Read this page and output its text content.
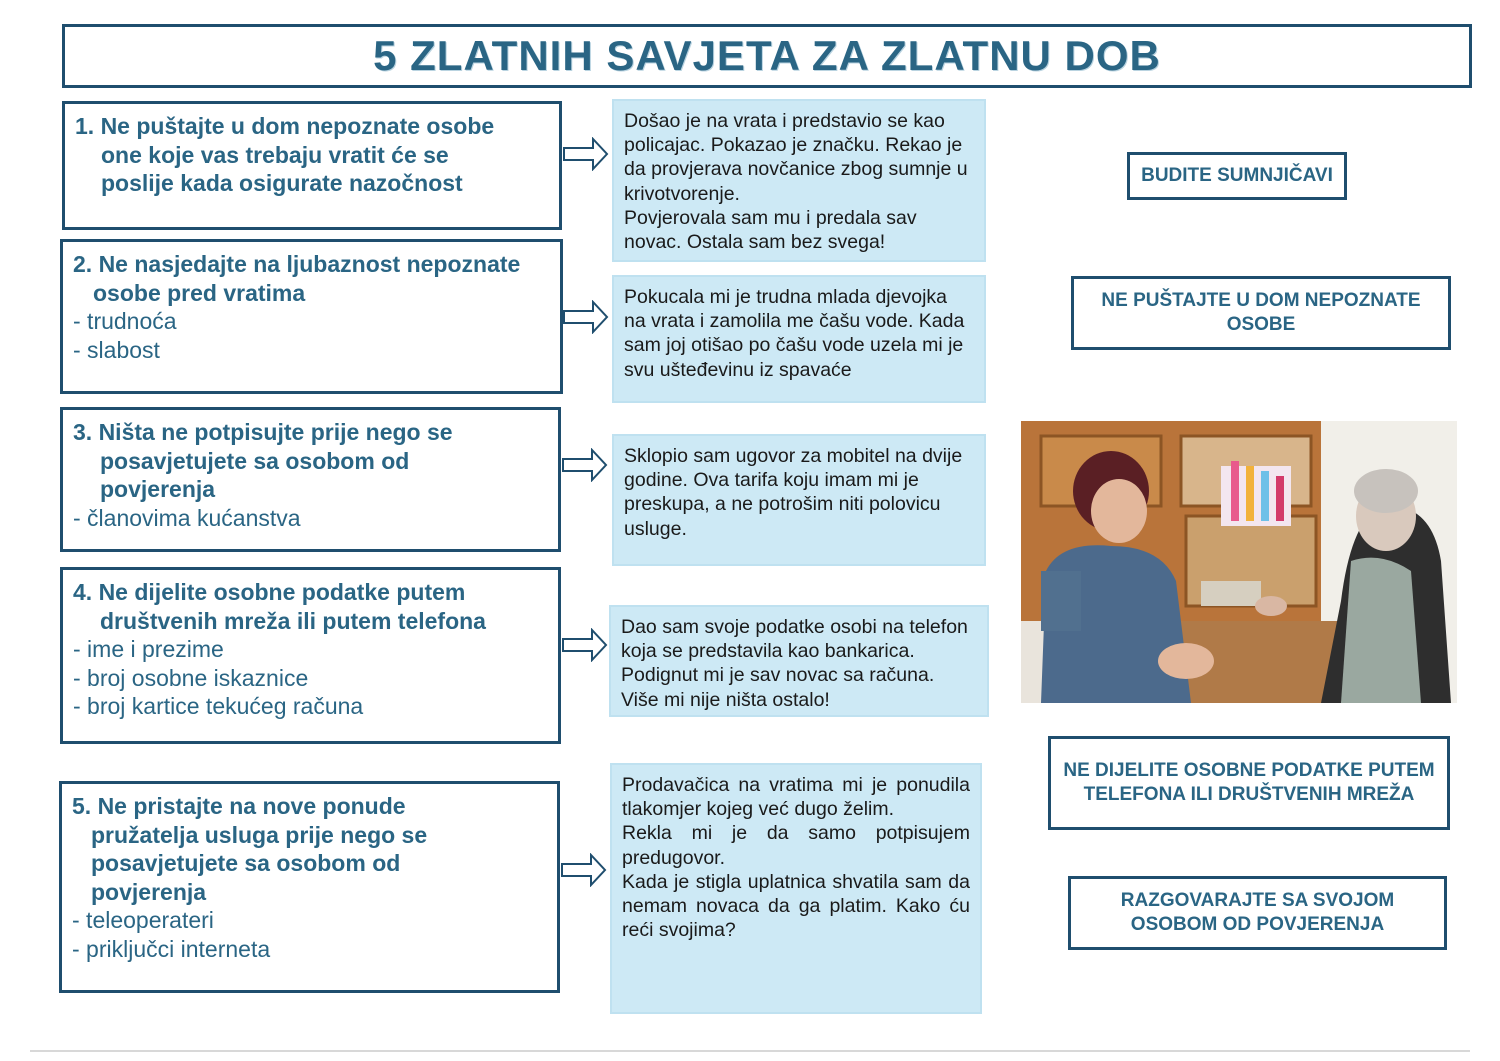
5 ZLATNIH SAVJETA ZA ZLATNU DOB
1. Ne puštajte u dom nepoznate osobe
one koje vas trebaju vratit će se
poslije kada osigurate nazočnost
2. Ne nasjedajte na ljubaznost nepoznate
osobe pred vratima
- trudnoća
- slabost
3. Ništa ne potpisujte prije nego se
posavjetujete sa osobom od
povjerenja
- članovima kućanstva
4. Ne dijelite osobne podatke putem
društvenih mreža ili putem telefona
- ime i prezime
- broj osobne iskaznice
- broj kartice tekućeg računa
5. Ne pristajte na nove ponude
pružatelja usluga prije nego se
posavjetujete sa osobom od
povjerenja
- teleoperateri
- priključci interneta

Došao je na vrata i predstavio se kao policajac. Pokazao je značku. Rekao je da provjerava novčanice zbog sumnje u krivotvorenje.

Povjerovala sam mu i predala sav novac. Ostala sam bez svega!

Pokucala mi je trudna mlada djevojka na vrata i zamolila me čašu vode. Kada sam joj otišao po čašu vode uzela mi je svu ušteđevinu iz spavaće

Sklopio sam ugovor za mobitel na dvije godine. Ova tarifa koju imam mi je preskupa, a ne potrošim niti polovicu usluge.

Dao sam svoje podatke osobi na telefon koja se predstavila kao bankarica. Podignut mi je sav novac sa računa. Više mi nije ništa ostalo!

Prodavačica na vratima mi je ponudila tlakomjer kojeg već dugo želim.

Rekla mi je da samo potpisujem predugovor.

Kada je stigla uplatnica shvatila sam da nemam novaca da ga platim. Kako ću reći svojima?

BUDITE SUMNJIČAVI
NE PUŠTAJTE U DOM NEPOZNATE OSOBE
NE DIJELITE OSOBNE PODATKE PUTEM TELEFONA ILI DRUŠTVENIH MREŽA
RAZGOVARAJTE SA SVOJOM OSOBOM OD POVJERENJA
